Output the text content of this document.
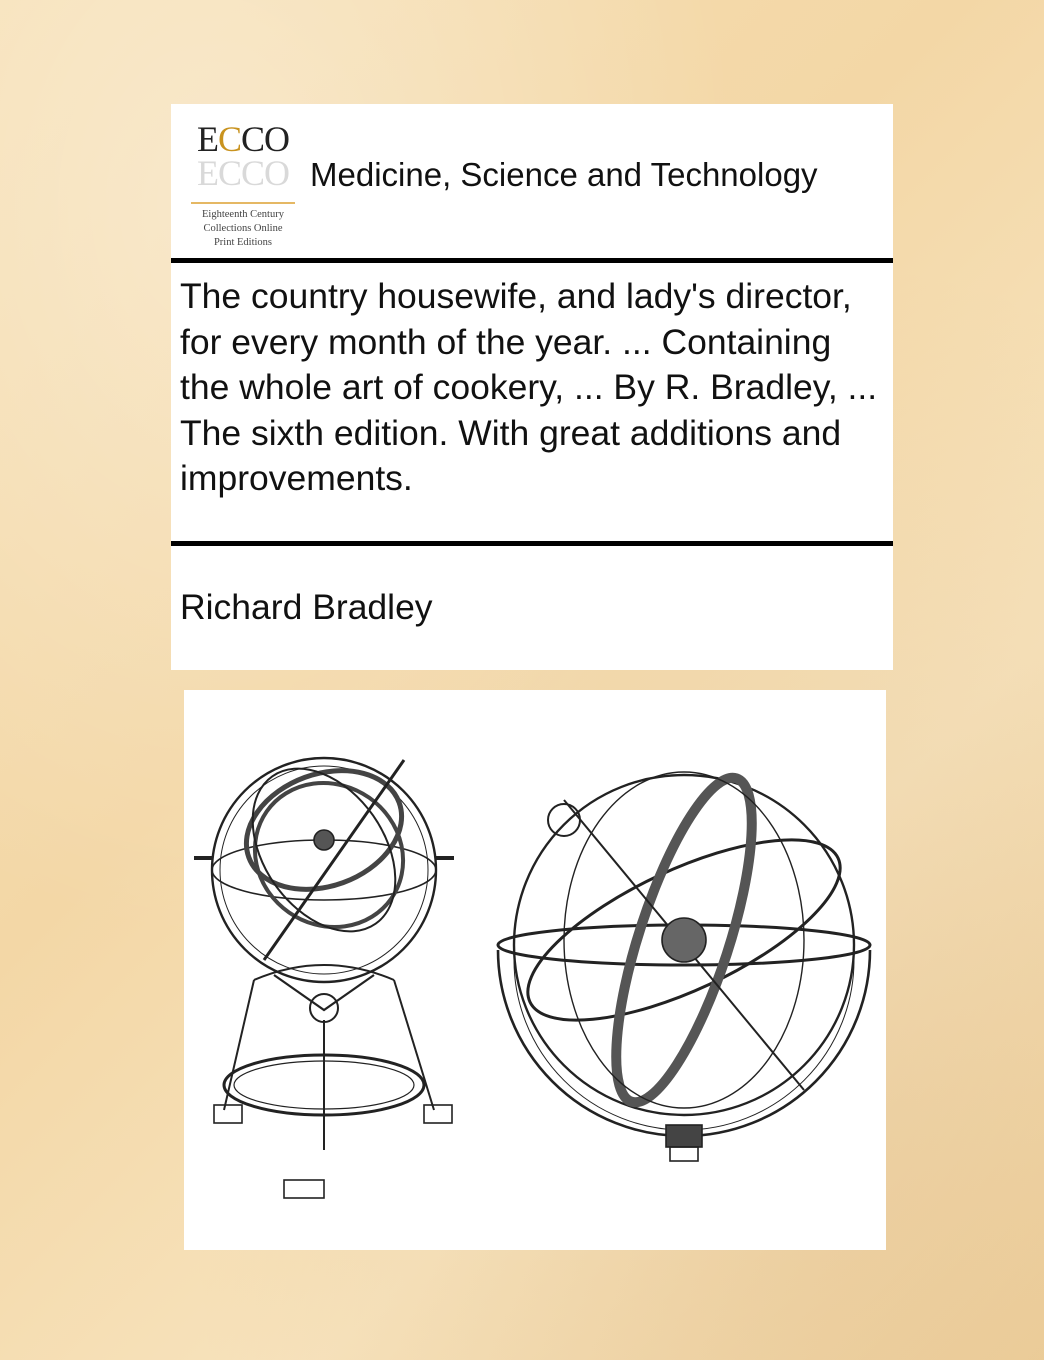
ECCO
ECCO
Eighteenth Century
Collections Online
Print Editions
Medicine, Science and Technology
The country housewife, and lady's director, for every month of the year. ... Containing the whole art of cookery, ... By R. Bradley, ... The sixth edition. With great additions and improvements.
Richard Bradley
